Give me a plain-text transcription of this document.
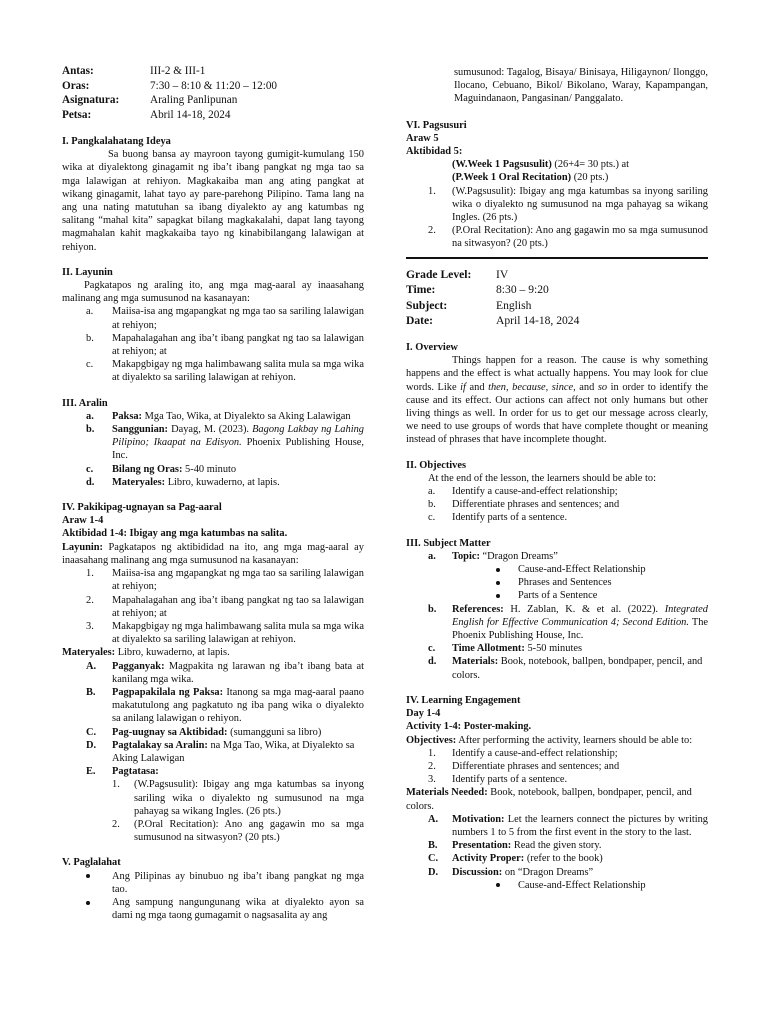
Antas:	III-2 & III-1
Oras:	7:30 – 8:10 & 11:20 – 12:00
Asignatura:	Araling Panlipunan
Petsa:	Abril 14-18, 2024

I. Pangkalahatang Ideya

Sa buong bansa ay mayroon tayong gumigit-kumulang 150 wika at diyalektong ginagamit ng iba’t ibang pangkat ng mga tao sa mga lalawigan at rehiyon. Magkakaiba man ang ating pangkat at wikang ginagamit, lahat tayo ay pare-parehong Pilipino. Tama lang na ang una nating matutuhan sa ibang diyalekto ay ang katumbas ng salitang “mahal kita” sapagkat bilang magkakalahi, dapat lang tayong magmahalan kahit magkakaiba tayo ng kinabibilangang lalawigan at rehiyon.

II. Layunin

Pagkatapos ng araling ito, ang mga mag-aaral ay inaasahang malinang ang mga sumusunod na kasanayan:

a.	Maiisa-isa ang mgapangkat ng mga tao sa sariling lalawigan at rehiyon;
b.	Mapahalagahan ang iba’t ibang pangkat ng tao sa lalawigan at rehiyon; at
c.	Makapgbigay ng mga halimbawang salita mula sa mga wika at diyalekto sa sariling lalawigan at rehiyon.

III. Aralin

a.	Paksa: Mga Tao, Wika, at Diyalekto sa Aking Lalawigan
b.	Sanggunian: Dayag, M. (2023). Bagong Lakbay ng Lahing Pilipino; Ikaapat na Edisyon. Phoenix Publishing House, Inc.
c.	Bilang ng Oras: 5-40 minuto
d.	Materyales: Libro, kuwaderno, at lapis.

IV. Pakikipag-ugnayan sa Pag-aaral

Araw 1-4

Aktibidad 1-4: Ibigay ang mga katumbas na salita.

Layunin: Pagkatapos ng aktibididad na ito, ang mga mag-aaral ay inaasahang malinang ang mga sumusunod na kasanayan:

1.	Maiisa-isa ang mgapangkat ng mga tao sa sariling lalawigan at rehiyon;
2.	Mapahalagahan ang iba’t ibang pangkat ng tao sa lalawigan at rehiyon; at
3.	Makapgbigay ng mga halimbawang salita mula sa mga wika at diyalekto sa sariling lalawigan at rehiyon.

Materyales: Libro, kuwaderno, at lapis.

A.	Pagganyak: Magpakita ng larawan ng iba’t ibang bata at kanilang mga wika.
B.	Pagpapakilala ng Paksa: Itanong sa mga mag-aaral paano makatutulong ang pagkatuto ng iba pang wika o diyalekto sa anilang lalawigan o rehiyon.
C.	Pag-uugnay sa Aktibidad: (sumangguni sa libro)
D.	Pagtalakay sa Aralin: na Mga Tao, Wika, at Diyalekto sa Aking Lalawigan
E.	Pagtatasa:
1.	(W.Pagsusulit): Ibigay ang mga katumbas sa inyong sariling wika o diyalekto ng sumusunod na mga pahayag sa wikang Ingles. (26 pts.)
2.	(P.Oral Recitation): Ano ang gagawin mo sa mga sumusunod na sitwasyon? (20 pts.)

V. Paglalahat

Ang Pilipinas ay binubuo ng iba’t ibang pangkat ng mga tao.
Ang sampung nangungunang wika at diyalekto ayon sa dami ng mga taong gumagamit o nagsasalita ay ang

sumusunod: Tagalog, Bisaya/ Binisaya, Hiligaynon/ Ilonggo, Ilocano, Cebuano, Bikol/ Bikolano, Waray, Kapampangan, Maguindanaon, Pangasinan/ Panggalato.

VI. Pagsusuri

Araw 5

Aktibidad 5:

(W.Week 1 Pagsusulit) (26+4= 30 pts.) at

(P.Week 1 Oral Recitation) (20 pts.)

1.	(W.Pagsusulit): Ibigay ang mga katumbas sa inyong sariling wika o diyalekto ng sumusunod na mga pahayag sa wikang Ingles. (26 pts.)
2.	(P.Oral Recitation): Ano ang gagawin mo sa mga sumusunod na sitwasyon? (20 pts.)
Grade Level:	IV
Time:	8:30 – 9:20
Subject:	English
Date:	April 14-18, 2024

I. Overview

Things happen for a reason. The cause is why something happens and the effect is what actually happens. You may look for clue words. Like if and then, because, since, and so in order to identify the cause and its effect. Our actions can affect not only humans but other living things as well. In order for us to get our message across clearly, we need to use groups of words that have complete thought or meaning instead of phrases that have incomplete thought.

II. Objectives

At the end of the lesson, the learners should be able to:

a.	Identify a cause-and-effect relationship;
b.	Differentiate phrases and sentences; and
c.	Identify parts of a sentence.

III. Subject Matter

a.	Topic: “Dragon Dreams”
Cause-and-Effect Relationship
Phrases and Sentences
Parts of a Sentence
b.	References: H. Zablan, K. & et al. (2022). Integrated English for Effective Communication 4; Second Edition. The Phoenix Publishing House, Inc.
c.	Time Allotment: 5-50 minutes
d.	Materials: Book, notebook, ballpen, bondpaper, pencil, and colors.

IV. Learning Engagement

Day 1-4

Activity 1-4: Poster-making.

Objectives: After performing the activity, learners should be able to:

1.	Identify a cause-and-effect relationship;
2.	Differentiate phrases and sentences; and
3.	Identify parts of a sentence.

Materials Needed: Book, notebook, ballpen, bondpaper, pencil, and colors.

A.	Motivation: Let the learners connect the pictures by writing numbers 1 to 5 from the first event in the story to the last.
B.	Presentation: Read the given story.
C.	Activity Proper: (refer to the book)
D.	Discussion: on “Dragon Dreams”
Cause-and-Effect Relationship
